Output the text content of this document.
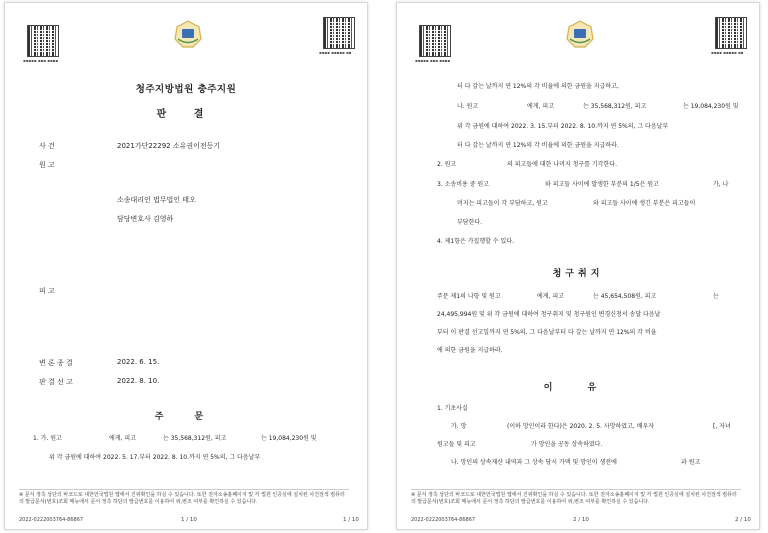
▪▪▪▪▪ ▪▪▪ ▪▪▪▪
▪▪▪▪ ▪▪▪▪▪ ▪▪
청주지방법원 충주지원
판 결
사 건	2021가단22292 소유권이전등기
원 고
소송대리인 법무법인 태오
담당변호사 김영하
피 고
변 론 종 결	2022. 6. 15.
판 결 선 고	2022. 8. 10.
주 문
1. 가. 원고	에게, 피고	는 35,568,312원, 피고	는 19,084,230원 및
위 각 금원에 대하여 2022. 5. 17.부터 2022. 8. 10.까지 연 5%의, 그 다음날부
※ 문서 정측 상단의 바코드로 대한민국법원 앱에서 진위확인을 하실 수 있습니다. 또한 전자소송홈페이지 및 각 법원 인증실에 설치된 사건검색 컴퓨터의 발급문서(번호)조회 메뉴에서 문서 정측 하단의 발급번호를 이용하여 위,변조 여부를 확인하실 수 있습니다.
2022-0222003764-86867	1 / 10	1 / 10
▪▪▪▪▪ ▪▪▪ ▪▪▪▪
▪▪▪▪ ▪▪▪▪▪ ▪▪
터 다 갚는 날까지 연 12%의 각 비율에 의한 금원을 지급하고,
나. 원고	에게, 피고	는 35,568,312원, 피고	는 19,084,230원 및
위 각 금원에 대하여 2022. 3. 15.부터 2022. 8. 10.까지 연 5%의, 그 다음날부
터 다 갚는 날까지 연 12%의 각 비율에 의한 금원을 지급하라.
2. 원고	의 피고들에 대한 나머지 청구를 기각한다.
3. 소송비용 중 원고	와 피고들 사이에 발생한 부분의 1/5은 원고	가, 나
머지는 피고들이 각 부담하고, 원고	와 피고들 사이에 생긴 부분은 피고들이
부담한다.
4. 제1항은 가집행할 수 있다.
청구취지
주문 제1의 나항 및 원고	에게, 피고	는 45,654,508원, 피고	는
24,495,994원 및 위 각 금원에 대하여 청구취지 및 청구원인 변경신청서 송달 다음날
부터 이 판결 선고일까지 연 5%의, 그 다음날부터 다 갚는 날까지 연 12%의 각 비율
에 의한 금원을 지급하라.
이 유
1. 기초사실
가. 망	(이하 망인이라 한다)은 2020. 2. 5. 사망하였고, 배우자	[, 자녀
원고들 및 피고	가 망인을 공동 상속하였다.
나. 망인의 상속재산 내역과 그 상속 당시 가액 및 망인이 생전에	과 원고
※ 문서 정측 상단의 바코드로 대한민국법원 앱에서 진위확인을 하실 수 있습니다. 또한 전자소송홈페이지 및 각 법원 인증실에 설치된 사건검색 컴퓨터의 발급문서(번호)조회 메뉴에서 문서 정측 하단의 발급번호를 이용하여 위,변조 여부를 확인하실 수 있습니다.
2022-0222003764-86867	2 / 10	2 / 10
